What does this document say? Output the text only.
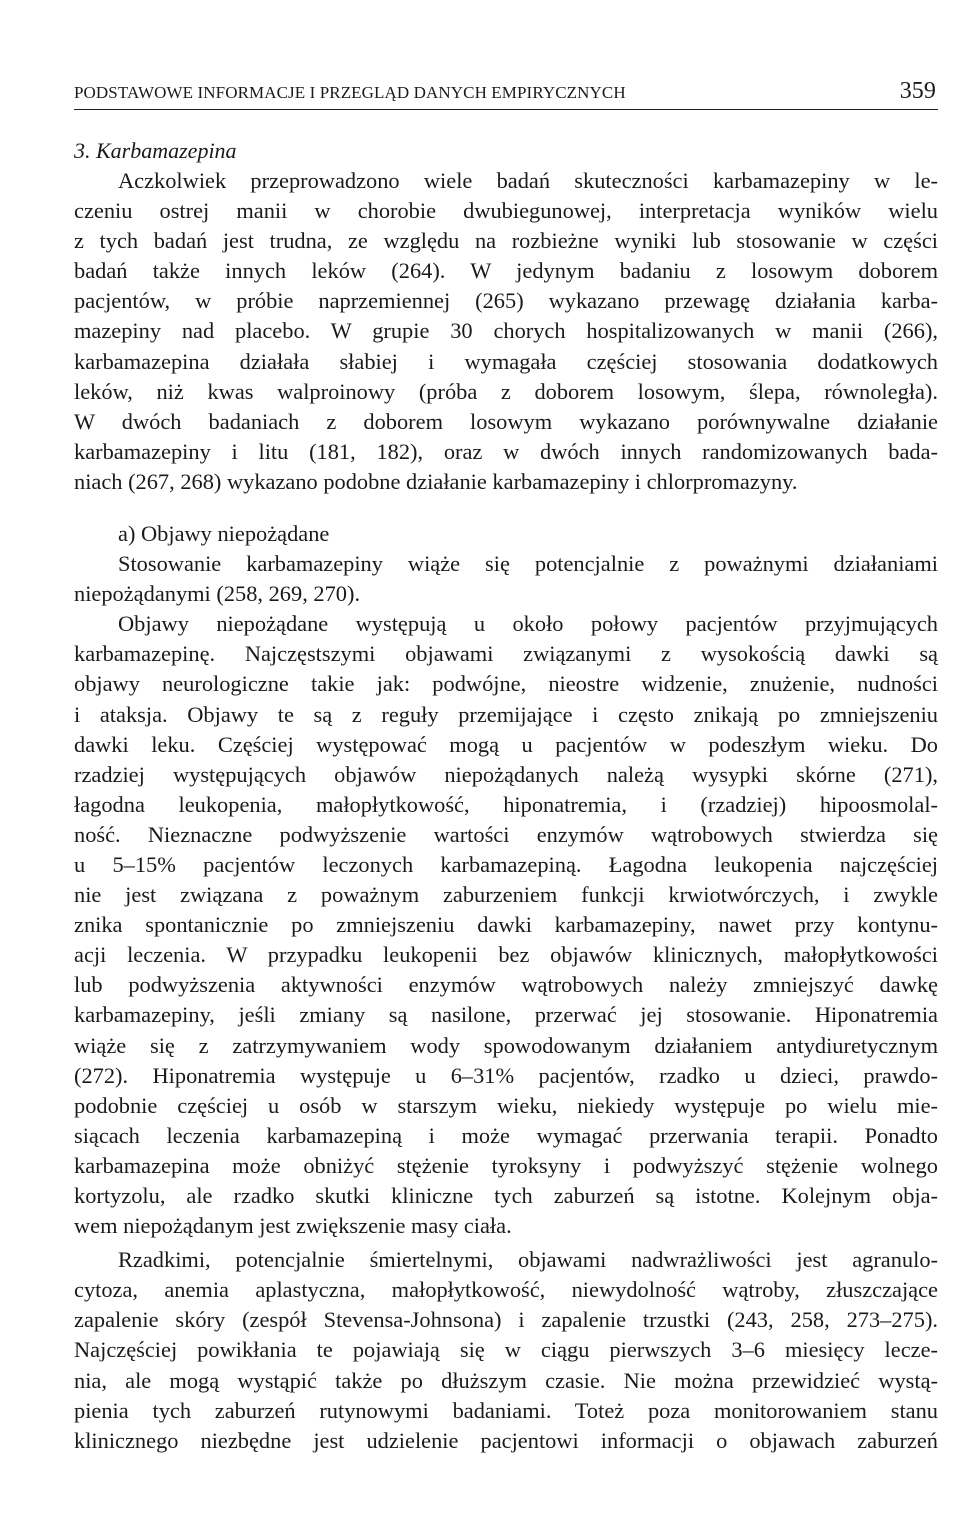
PODSTAWOWE INFORMACJE I PRZEGLĄD DANYCH EMPIRYCZNYCH	359
3. Karbamazepina
Aczkolwiek przeprowadzono wiele badań skuteczności karbamazepiny w le-
czeniu ostrej manii w chorobie dwubiegunowej, interpretacja wyników wielu
z tych badań jest trudna, ze względu na rozbieżne wyniki lub stosowanie w części
badań także innych leków (264). W jedynym badaniu z losowym doborem
pacjentów, w próbie naprzemiennej (265) wykazano przewagę działania karba-
mazepiny nad placebo. W grupie 30 chorych hospitalizowanych w manii (266),
karbamazepina działała słabiej i wymagała częściej stosowania dodatkowych
leków, niż kwas walproinowy (próba z doborem losowym, ślepa, równoległa).
W dwóch badaniach z doborem losowym wykazano porównywalne działanie
karbamazepiny i litu (181, 182), oraz w dwóch innych randomizowanych bada-
niach (267, 268) wykazano podobne działanie karbamazepiny i chlorpromazyny.
a) Objawy niepożądane
Stosowanie karbamazepiny wiąże się potencjalnie z poważnymi działaniami
niepożądanymi (258, 269, 270).
Objawy niepożądane występują u około połowy pacjentów przyjmujących
karbamazepinę. Najczęstszymi objawami związanymi z wysokością dawki są
objawy neurologiczne takie jak: podwójne, nieostre widzenie, znużenie, nudności
i ataksja. Objawy te są z reguły przemijające i często znikają po zmniejszeniu
dawki leku. Częściej występować mogą u pacjentów w podeszłym wieku. Do
rzadziej występujących objawów niepożądanych należą wysypki skórne (271),
łagodna leukopenia, małopłytkowość, hiponatremia, i (rzadziej) hipoosmolal-
ność. Nieznaczne podwyższenie wartości enzymów wątrobowych stwierdza się
u 5–15% pacjentów leczonych karbamazepiną. Łagodna leukopenia najczęściej
nie jest związana z poważnym zaburzeniem funkcji krwiotwórczych, i zwykle
znika spontanicznie po zmniejszeniu dawki karbamazepiny, nawet przy kontynu-
acji leczenia. W przypadku leukopenii bez objawów klinicznych, małopłytkowości
lub podwyższenia aktywności enzymów wątrobowych należy zmniejszyć dawkę
karbamazepiny, jeśli zmiany są nasilone, przerwać jej stosowanie. Hiponatremia
wiąże się z zatrzymywaniem wody spowodowanym działaniem antydiuretycznym
(272). Hiponatremia występuje u 6–31% pacjentów, rzadko u dzieci, prawdo-
podobnie częściej u osób w starszym wieku, niekiedy występuje po wielu mie-
siącach leczenia karbamazepiną i może wymagać przerwania terapii. Ponadto
karbamazepina może obniżyć stężenie tyroksyny i podwyższyć stężenie wolnego
kortyzolu, ale rzadko skutki kliniczne tych zaburzeń są istotne. Kolejnym obja-
wem niepożądanym jest zwiększenie masy ciała.
Rzadkimi, potencjalnie śmiertelnymi, objawami nadwrażliwości jest agranulo-
cytoza, anemia aplastyczna, małopłytkowość, niewydolność wątroby, złuszczające
zapalenie skóry (zespół Stevensa-Johnsona) i zapalenie trzustki (243, 258, 273–275).
Najczęściej powikłania te pojawiają się w ciągu pierwszych 3–6 miesięcy lecze-
nia, ale mogą wystąpić także po dłuższym czasie. Nie można przewidzieć wystą-
pienia tych zaburzeń rutynowymi badaniami. Toteż poza monitorowaniem stanu
klinicznego niezbędne jest udzielenie pacjentowi informacji o objawach zaburzeń
